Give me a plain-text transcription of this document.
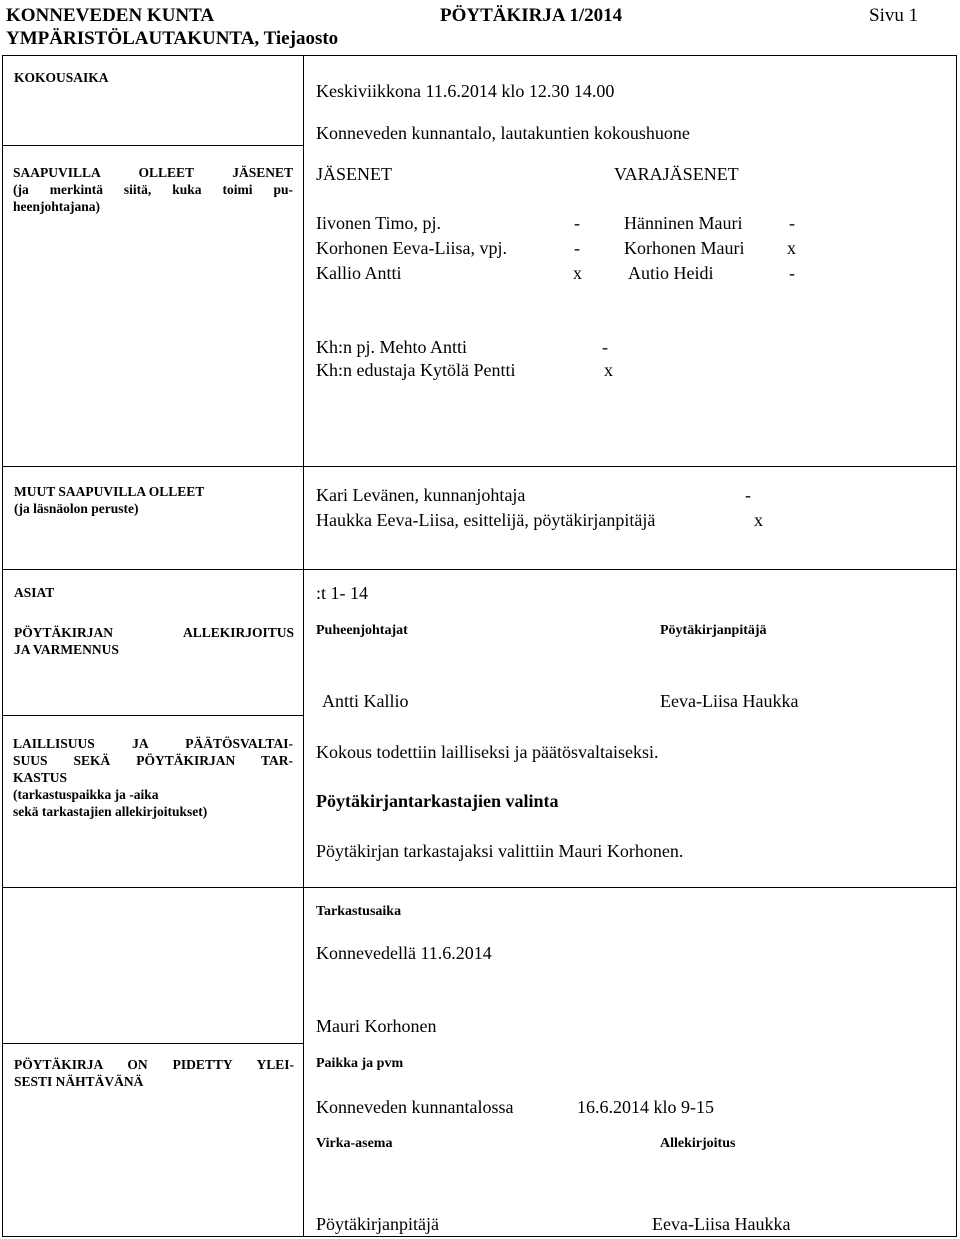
KONNEVEDEN KUNTA
YMPÄRISTÖLAUTAKUNTA, Tiejaosto
PÖYTÄKIRJA 1/2014	Sivu 1
KOKOUSAIKA
Keskiviikkona 11.6.2014 klo 12.30 14.00
Konneveden kunnantalo, lautakuntien kokoushuone
SAAPUVILLA OLLEET JÄSENET
(ja merkintä siitä, kuka toimi pu-
heenjohtajana)
JÄSENET	VARAJÄSENET
Iivonen Timo, pj.	- Hänninen Mauri	-
Korhonen Eeva-Liisa, vpj.	- Korhonen Mauri x
Kallio Antti	x	Autio Heidi	-
Kh:n pj. Mehto Antti	-
Kh:n edustaja Kytölä Pentti	x
MUUT SAAPUVILLA OLLEET
(ja läsnäolon peruste)
Kari Levänen, kunnanjohtaja	-
Haukka Eeva-Liisa, esittelijä, pöytäkirjanpitäjä	x
ASIAT	:t 1- 14
PÖYTÄKIRJAN ALLEKIRJOITUS
JA VARMENNUS
Puheenjohtajat	Pöytäkirjanpitäjä
Antti Kallio	Eeva-Liisa Haukka
LAILLISUUS JA PÄÄTÖSVALTAI-
SUUS SEKÄ PÖYTÄKIRJAN TAR-
KASTUS
(tarkastuspaikka ja -aika
sekä tarkastajien allekirjoitukset)
Kokous todettiin lailliseksi ja päätösvaltaiseksi.
Pöytäkirjantarkastajien valinta
Pöytäkirjan tarkastajaksi valittiin Mauri Korhonen.
Tarkastusaika
Konnevedellä 11.6.2014
Mauri Korhonen
PÖYTÄKIRJA ON PIDETTY YLEI-
SESTI NÄHTÄVÄNÄ
Paikka ja pvm
Konneveden kunnantalossa	16.6.2014 klo 9-15
Virka-asema	Allekirjoitus
Pöytäkirjanpitäjä	Eeva-Liisa Haukka
